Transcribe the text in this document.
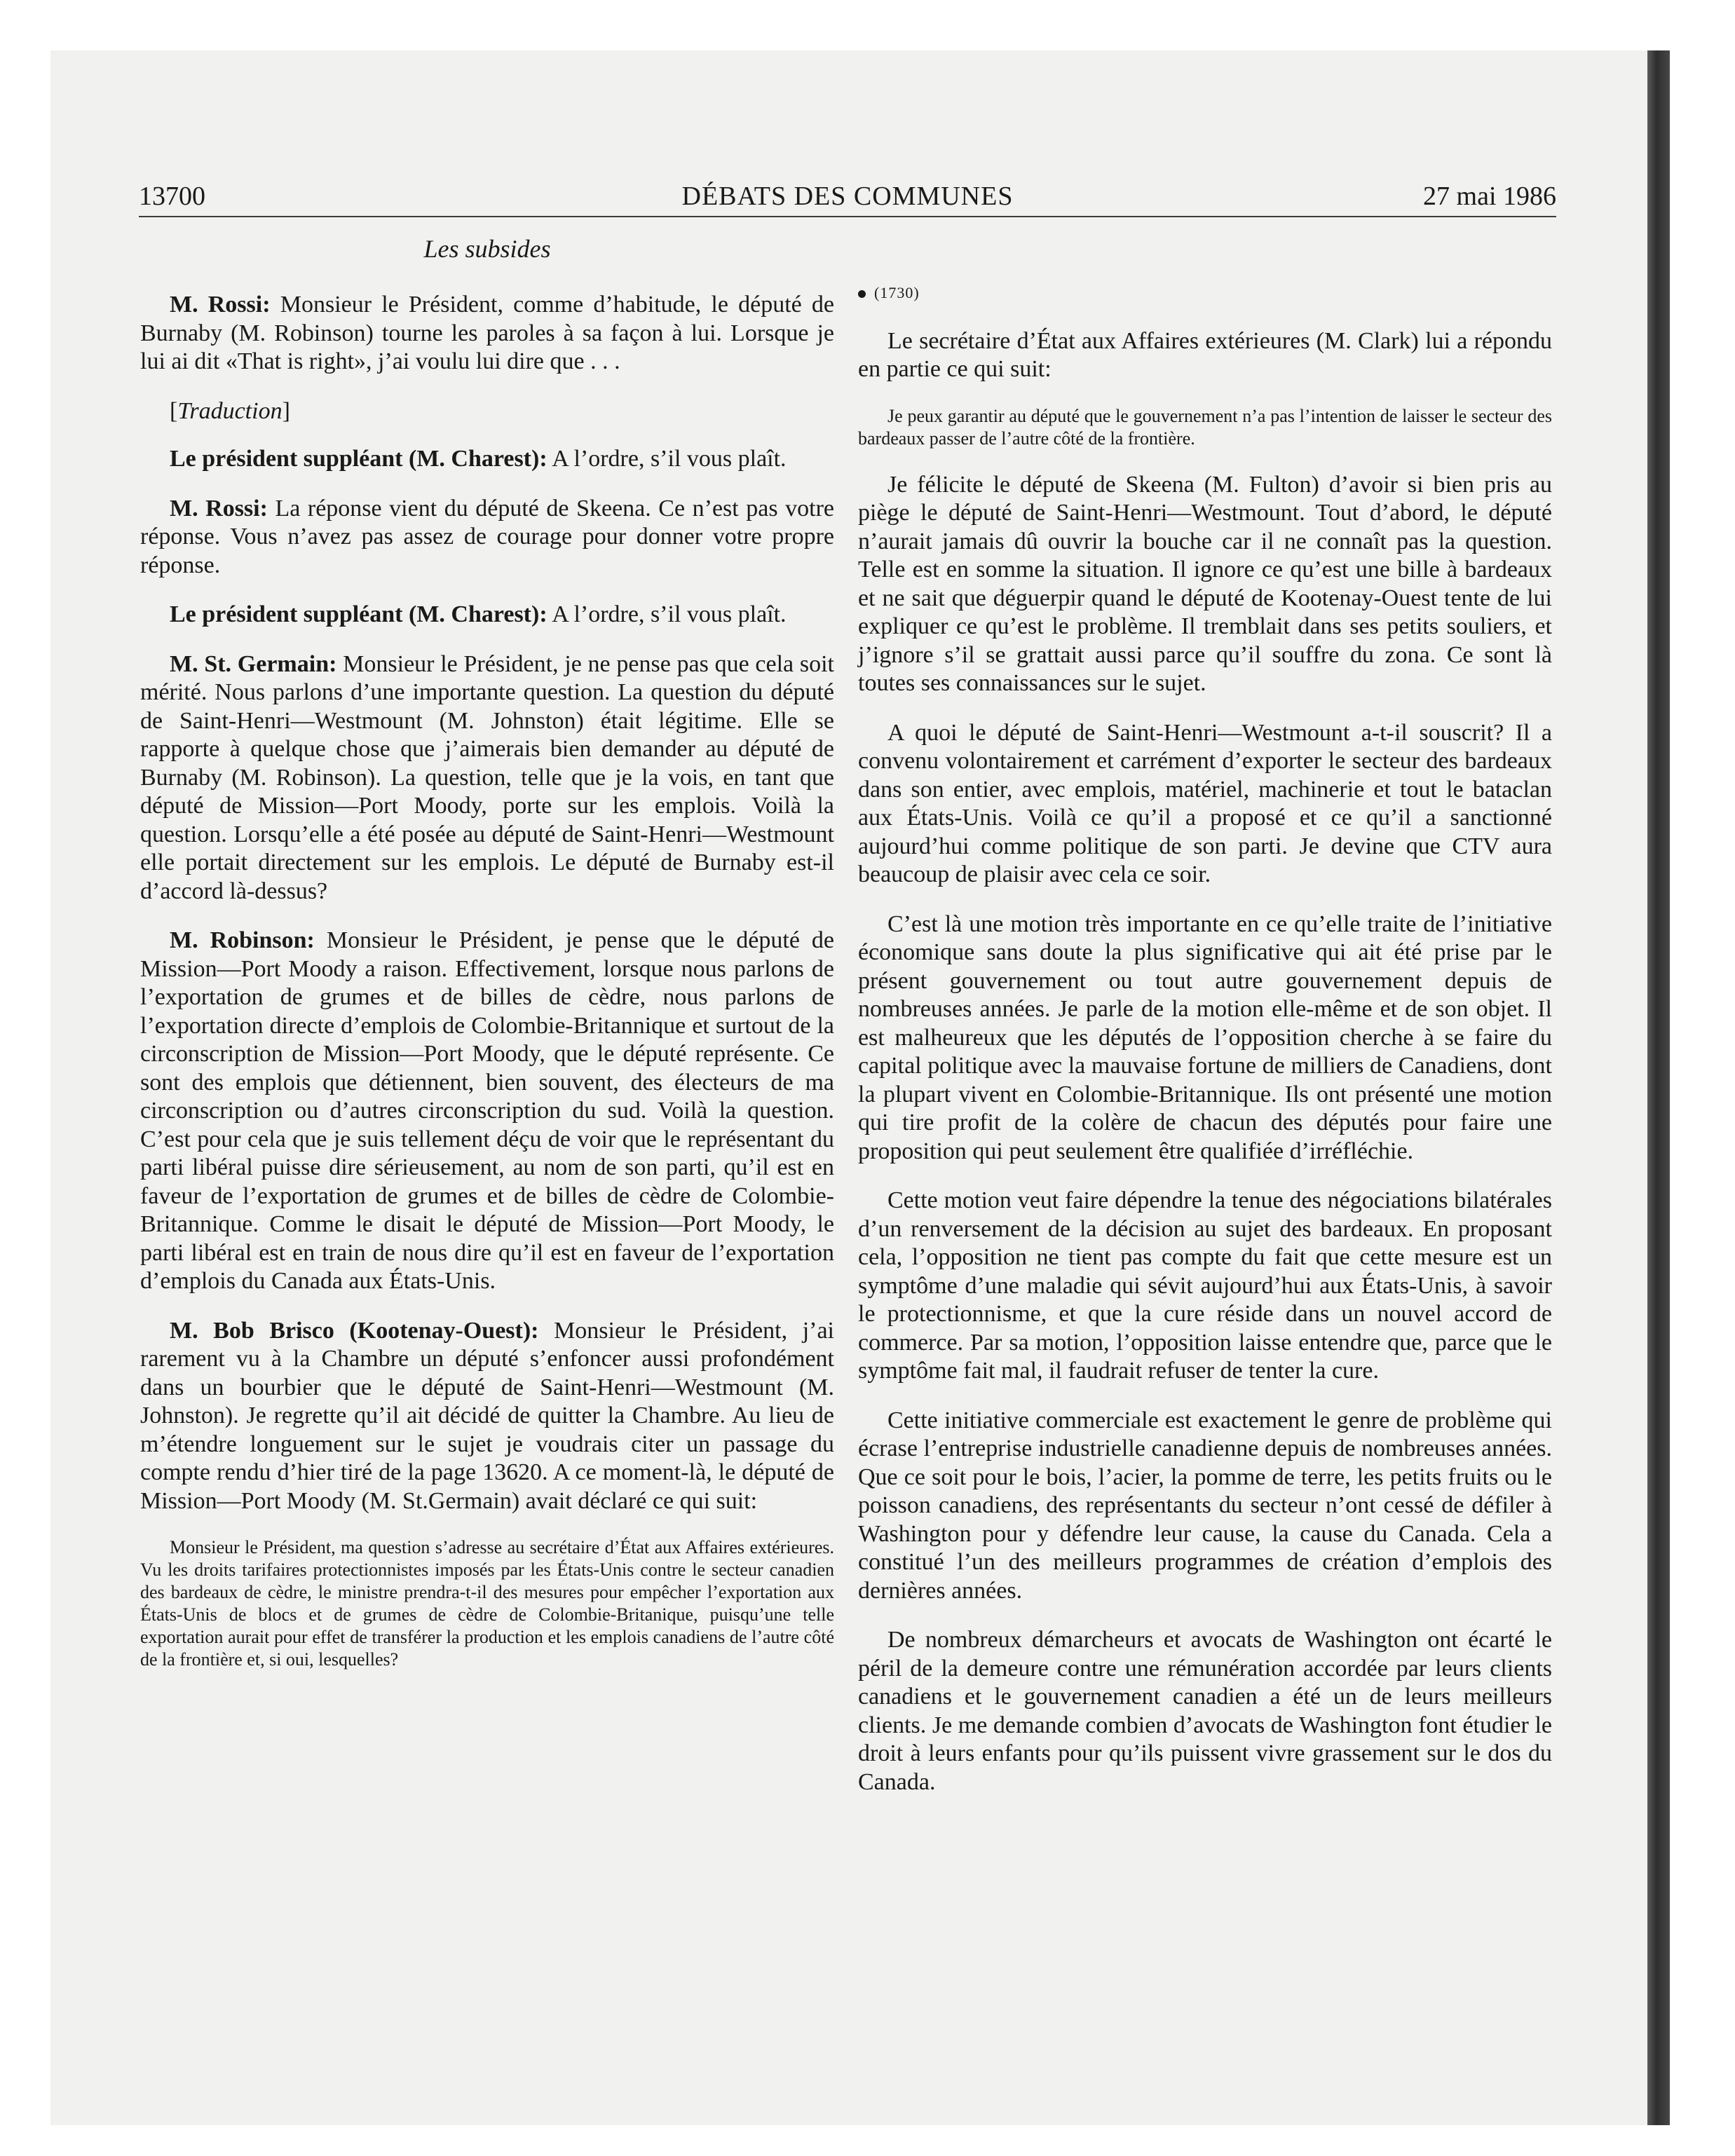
13700	DÉBATS DES COMMUNES	27 mai 1986
Les subsides

M. Rossi: Monsieur le Président, comme d’habitude, le député de Burnaby (M. Robinson) tourne les paroles à sa façon à lui. Lorsque je lui ai dit «That is right», j’ai voulu lui dire que . . .

[Traduction]

Le président suppléant (M. Charest): A l’ordre, s’il vous plaît.

M. Rossi: La réponse vient du député de Skeena. Ce n’est pas votre réponse. Vous n’avez pas assez de courage pour donner votre propre réponse.

Le président suppléant (M. Charest): A l’ordre, s’il vous plaît.

M. St. Germain: Monsieur le Président, je ne pense pas que cela soit mérité. Nous parlons d’une importante question. La question du député de Saint-Henri—Westmount (M. Johnston) était légitime. Elle se rapporte à quelque chose que j’aimerais bien demander au député de Burnaby (M. Robinson). La question, telle que je la vois, en tant que député de Mission—Port Moody, porte sur les emplois. Voilà la question. Lorsqu’elle a été posée au député de Saint-Henri—Westmount elle portait directement sur les emplois. Le député de Burnaby est-il d’accord là-dessus?

M. Robinson: Monsieur le Président, je pense que le député de Mission—Port Moody a raison. Effectivement, lorsque nous parlons de l’exportation de grumes et de billes de cèdre, nous parlons de l’exportation directe d’emplois de Colombie-Britannique et surtout de la circonscription de Mission—Port Moody, que le député représente. Ce sont des emplois que détiennent, bien souvent, des électeurs de ma circonscription ou d’autres circonscription du sud. Voilà la question. C’est pour cela que je suis tellement déçu de voir que le représentant du parti libéral puisse dire sérieusement, au nom de son parti, qu’il est en faveur de l’exportation de grumes et de billes de cèdre de Colombie-Britannique. Comme le disait le député de Mission—Port Moody, le parti libéral est en train de nous dire qu’il est en faveur de l’exportation d’emplois du Canada aux États-Unis.

M. Bob Brisco (Kootenay-Ouest): Monsieur le Président, j’ai rarement vu à la Chambre un député s’enfoncer aussi profondément dans un bourbier que le député de Saint-Henri—Westmount (M. Johnston). Je regrette qu’il ait décidé de quitter la Chambre. Au lieu de m’étendre longuement sur le sujet je voudrais citer un passage du compte rendu d’hier tiré de la page 13620. A ce moment-là, le député de Mission—Port Moody (M. St.Germain) avait déclaré ce qui suit:

Monsieur le Président, ma question s’adresse au secrétaire d’État aux Affaires extérieures. Vu les droits tarifaires protectionnistes imposés par les États-Unis contre le secteur canadien des bardeaux de cèdre, le ministre prendra-t-il des mesures pour empêcher l’exportation aux États-Unis de blocs et de grumes de cèdre de Colombie-Britanique, puisqu’une telle exportation aurait pour effet de transférer la production et les emplois canadiens de l’autre côté de la frontière et, si oui, lesquelles?

(1730)

Le secrétaire d’État aux Affaires extérieures (M. Clark) lui a répondu en partie ce qui suit:

Je peux garantir au député que le gouvernement n’a pas l’intention de laisser le secteur des bardeaux passer de l’autre côté de la frontière.

Je félicite le député de Skeena (M. Fulton) d’avoir si bien pris au piège le député de Saint-Henri—Westmount. Tout d’abord, le député n’aurait jamais dû ouvrir la bouche car il ne connaît pas la question. Telle est en somme la situation. Il ignore ce qu’est une bille à bardeaux et ne sait que déguerpir quand le député de Kootenay-Ouest tente de lui expliquer ce qu’est le problème. Il tremblait dans ses petits souliers, et j’ignore s’il se grattait aussi parce qu’il souffre du zona. Ce sont là toutes ses connaissances sur le sujet.

A quoi le député de Saint-Henri—Westmount a-t-il souscrit? Il a convenu volontairement et carrément d’exporter le secteur des bardeaux dans son entier, avec emplois, matériel, machinerie et tout le bataclan aux États-Unis. Voilà ce qu’il a proposé et ce qu’il a sanctionné aujourd’hui comme politique de son parti. Je devine que CTV aura beaucoup de plaisir avec cela ce soir.

C’est là une motion très importante en ce qu’elle traite de l’initiative économique sans doute la plus significative qui ait été prise par le présent gouvernement ou tout autre gouvernement depuis de nombreuses années. Je parle de la motion elle-même et de son objet. Il est malheureux que les députés de l’opposition cherche à se faire du capital politique avec la mauvaise fortune de milliers de Canadiens, dont la plupart vivent en Colombie-Britannique. Ils ont présenté une motion qui tire profit de la colère de chacun des députés pour faire une proposition qui peut seulement être qualifiée d’irréfléchie.

Cette motion veut faire dépendre la tenue des négociations bilatérales d’un renversement de la décision au sujet des bardeaux. En proposant cela, l’opposition ne tient pas compte du fait que cette mesure est un symptôme d’une maladie qui sévit aujourd’hui aux États-Unis, à savoir le protectionnisme, et que la cure réside dans un nouvel accord de commerce. Par sa motion, l’opposition laisse entendre que, parce que le symptôme fait mal, il faudrait refuser de tenter la cure.

Cette initiative commerciale est exactement le genre de problème qui écrase l’entreprise industrielle canadienne depuis de nombreuses années. Que ce soit pour le bois, l’acier, la pomme de terre, les petits fruits ou le poisson canadiens, des représentants du secteur n’ont cessé de défiler à Washington pour y défendre leur cause, la cause du Canada. Cela a constitué l’un des meilleurs programmes de création d’emplois des dernières années.

De nombreux démarcheurs et avocats de Washington ont écarté le péril de la demeure contre une rémunération accordée par leurs clients canadiens et le gouvernement canadien a été un de leurs meilleurs clients. Je me demande combien d’avocats de Washington font étudier le droit à leurs enfants pour qu’ils puissent vivre grassement sur le dos du Canada.
